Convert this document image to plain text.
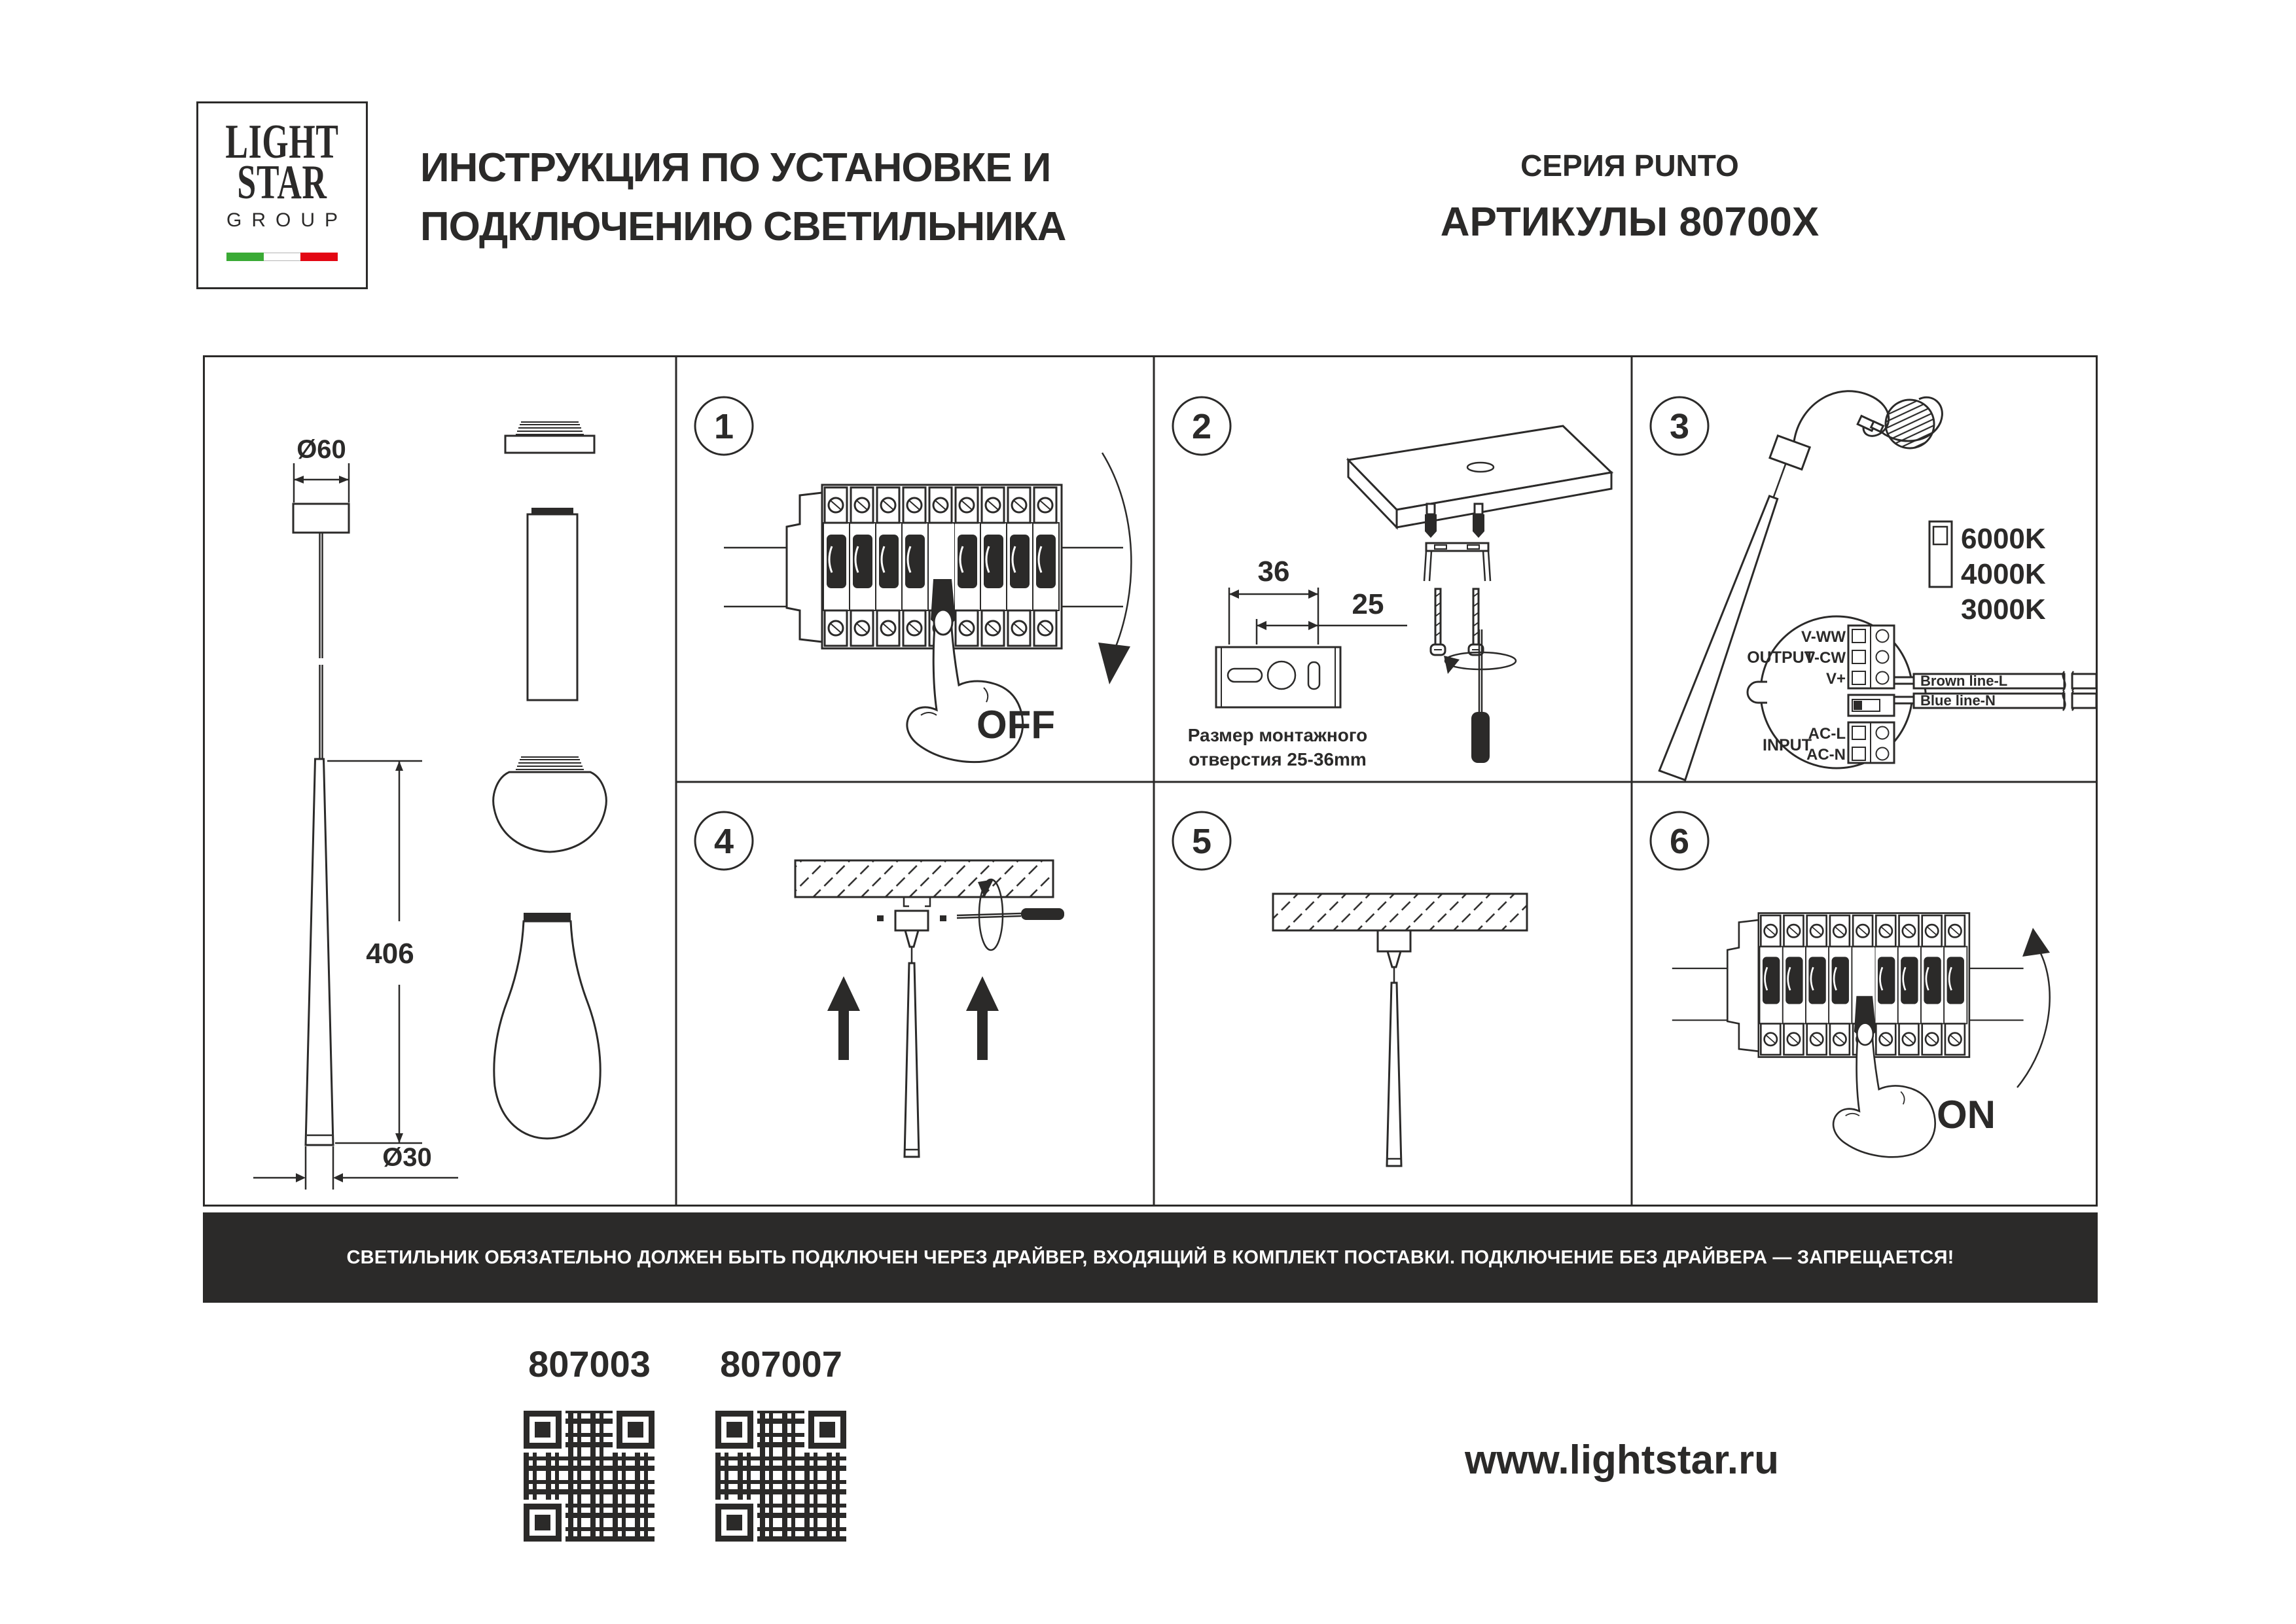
LIGHT
STAR
GROUP
ИНСТРУКЦИЯ ПО УСТАНОВКЕ И
ПОДКЛЮЧЕНИЮ СВЕТИЛЬНИКА
СЕРИЯ PUNTO
АРТИКУЛЫ 80700X
1	2	3
4	5	6
Ø60
406
Ø30
OFF
36
25
Размер монтажного
отверстия 25-36mm
6000K
4000K
3000K
OUTPUT
V-WW
V-CW
V+
INPUT
AC-L
AC-N
Brown line-L
Blue line-N
ON
СВЕТИЛЬНИК ОБЯЗАТЕЛЬНО ДОЛЖЕН БЫТЬ ПОДКЛЮЧЕН ЧЕРЕЗ ДРАЙВЕР, ВХОДЯЩИЙ В КОМПЛЕКТ ПОСТАВКИ. ПОДКЛЮЧЕНИЕ БЕЗ ДРАЙВЕРА — ЗАПРЕЩАЕТСЯ!
807003 807007
www.lightstar.ru
